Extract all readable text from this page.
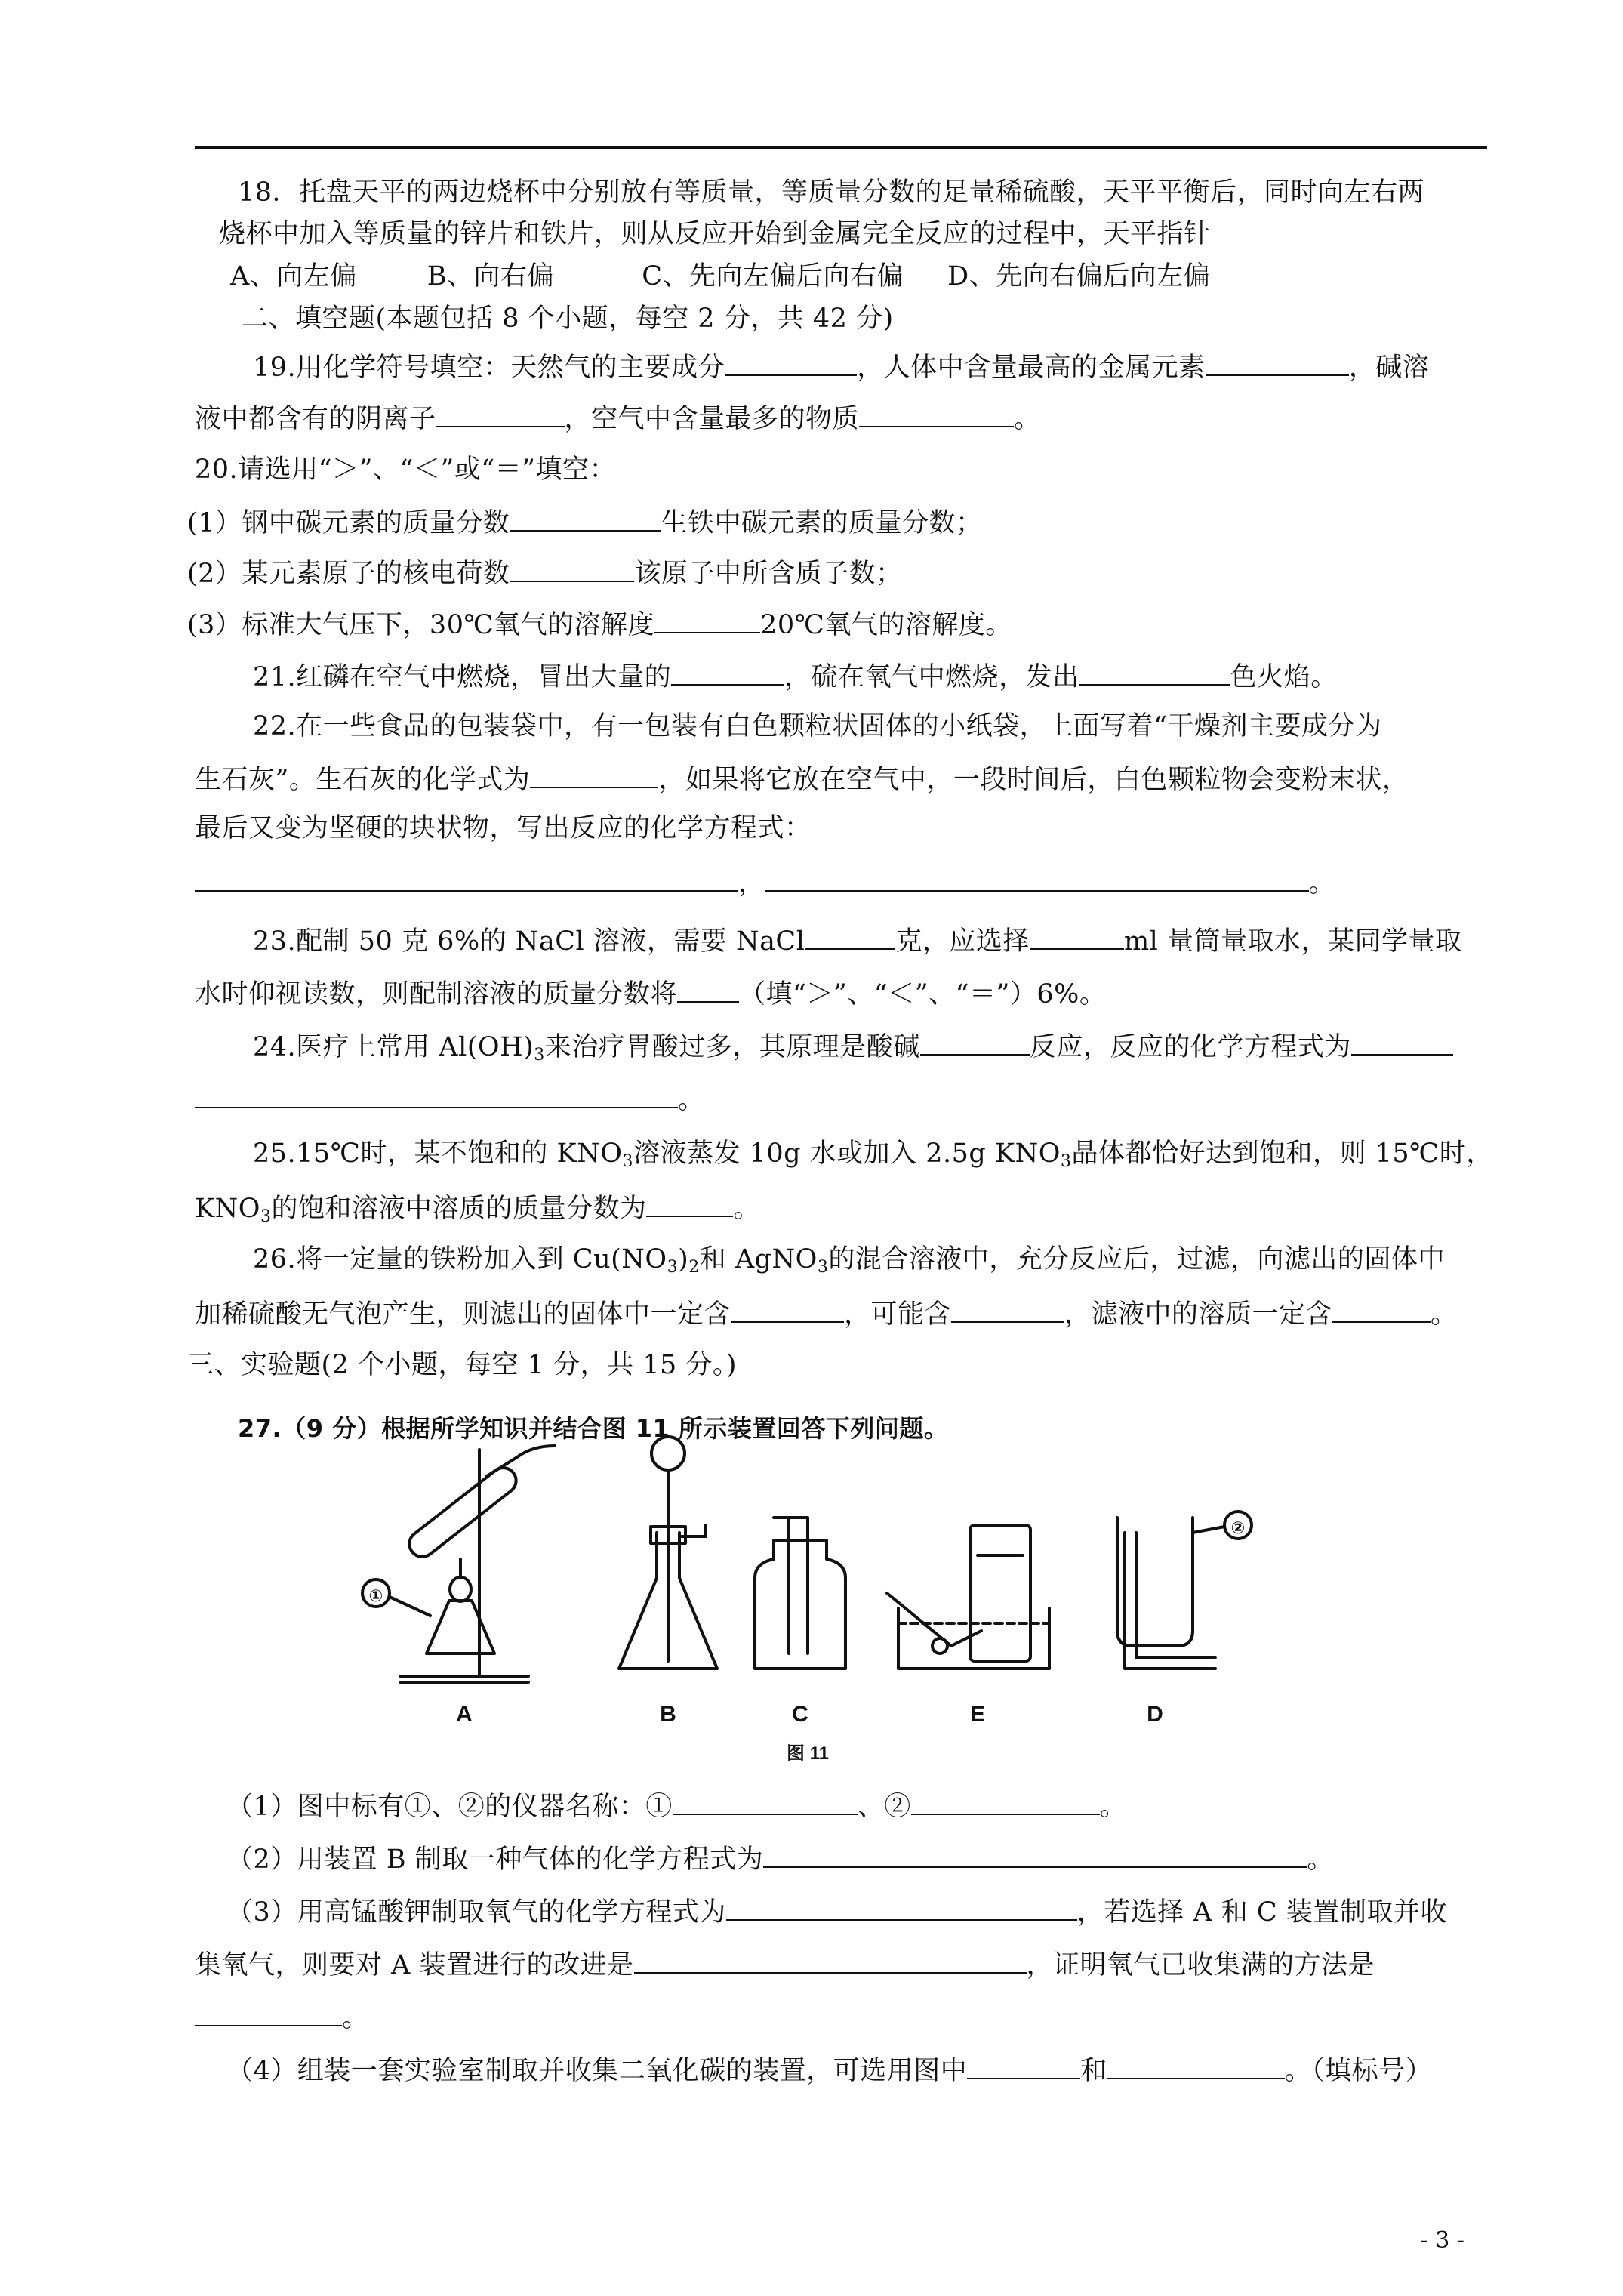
18．托盘天平的两边烧杯中分别放有等质量，等质量分数的足量稀硫酸，天平平衡后，同时向左右两
烧杯中加入等质量的锌片和铁片，则从反应开始到金属完全反应的过程中，天平指针
A、向左偏        B、向右偏          C、先向左偏后向右偏     D、先向右偏后向左偏
二、填空题(本题包括 8 个小题，每空 2 分，共 42 分)
19.用化学符号填空：天然气的主要成分	，人体中含量最高的金属元素	，碱溶
液中都含有的阴离子	，空气中含量最多的物质	。
20.请选用“＞”、“＜”或“＝”填空：
(1）钢中碳元素的质量分数	生铁中碳元素的质量分数；
(2）某元素原子的核电荷数	该原子中所含质子数；
(3）标准大气压下，30℃氧气的溶解度	20℃氧气的溶解度。
21.红磷在空气中燃烧，冒出大量的	，硫在氧气中燃烧，发出	色火焰。
22.在一些食品的包装袋中，有一包装有白色颗粒状固体的小纸袋，上面写着“干燥剂主要成分为
生石灰”。生石灰的化学式为	，如果将它放在空气中，一段时间后，白色颗粒物会变粉末状，
最后又变为坚硬的块状物，写出反应的化学方程式：
，	。
23.配制 50 克 6%的 NaCl 溶液，需要 NaCl	克，应选择	ml 量筒量取水，某同学量取
水时仰视读数，则配制溶液的质量分数将 （填“＞”、“＜”、“＝”）6%。
24.医疗上常用 $Al(OH)_3$来治疗胃酸过多，其原理是酸碱	反应，反应的化学方程式为
。
25.15℃时，某不饱和的 $KNO_3$溶液蒸发 10g 水或加入 2.5g $KNO_3$晶体都恰好达到饱和，则 15℃时，
$KNO_3$的饱和溶液中溶质的质量分数为	。
26.将一定量的铁粉加入到 $Cu(NO_3)_2$和 AgNO$_3$的混合溶液中，充分反应后，过滤，向滤出的固体中
加稀硫酸无气泡产生，则滤出的固体中一定含	，可能含	，滤液中的溶质一定含	。
三、实验题(2 个小题，每空 1 分，共 15 分。)
27.（9 分）根据所学知识并结合图 11 所示装置回答下列问题。
①
②
A	B	C	E	D
图 11
（1）图中标有①、②的仪器名称：①	、②	。
（2）用装置 B 制取一种气体的化学方程式为	。
（3）用高锰酸钾制取氧气的化学方程式为	，若选择 A 和 C 装置制取并收
集氧气，则要对 A 装置进行的改进是	，证明氧气已收集满的方法是
。
（4）组装一套实验室制取并收集二氧化碳的装置，可选用图中	和	。（填标号）
- 3 -
